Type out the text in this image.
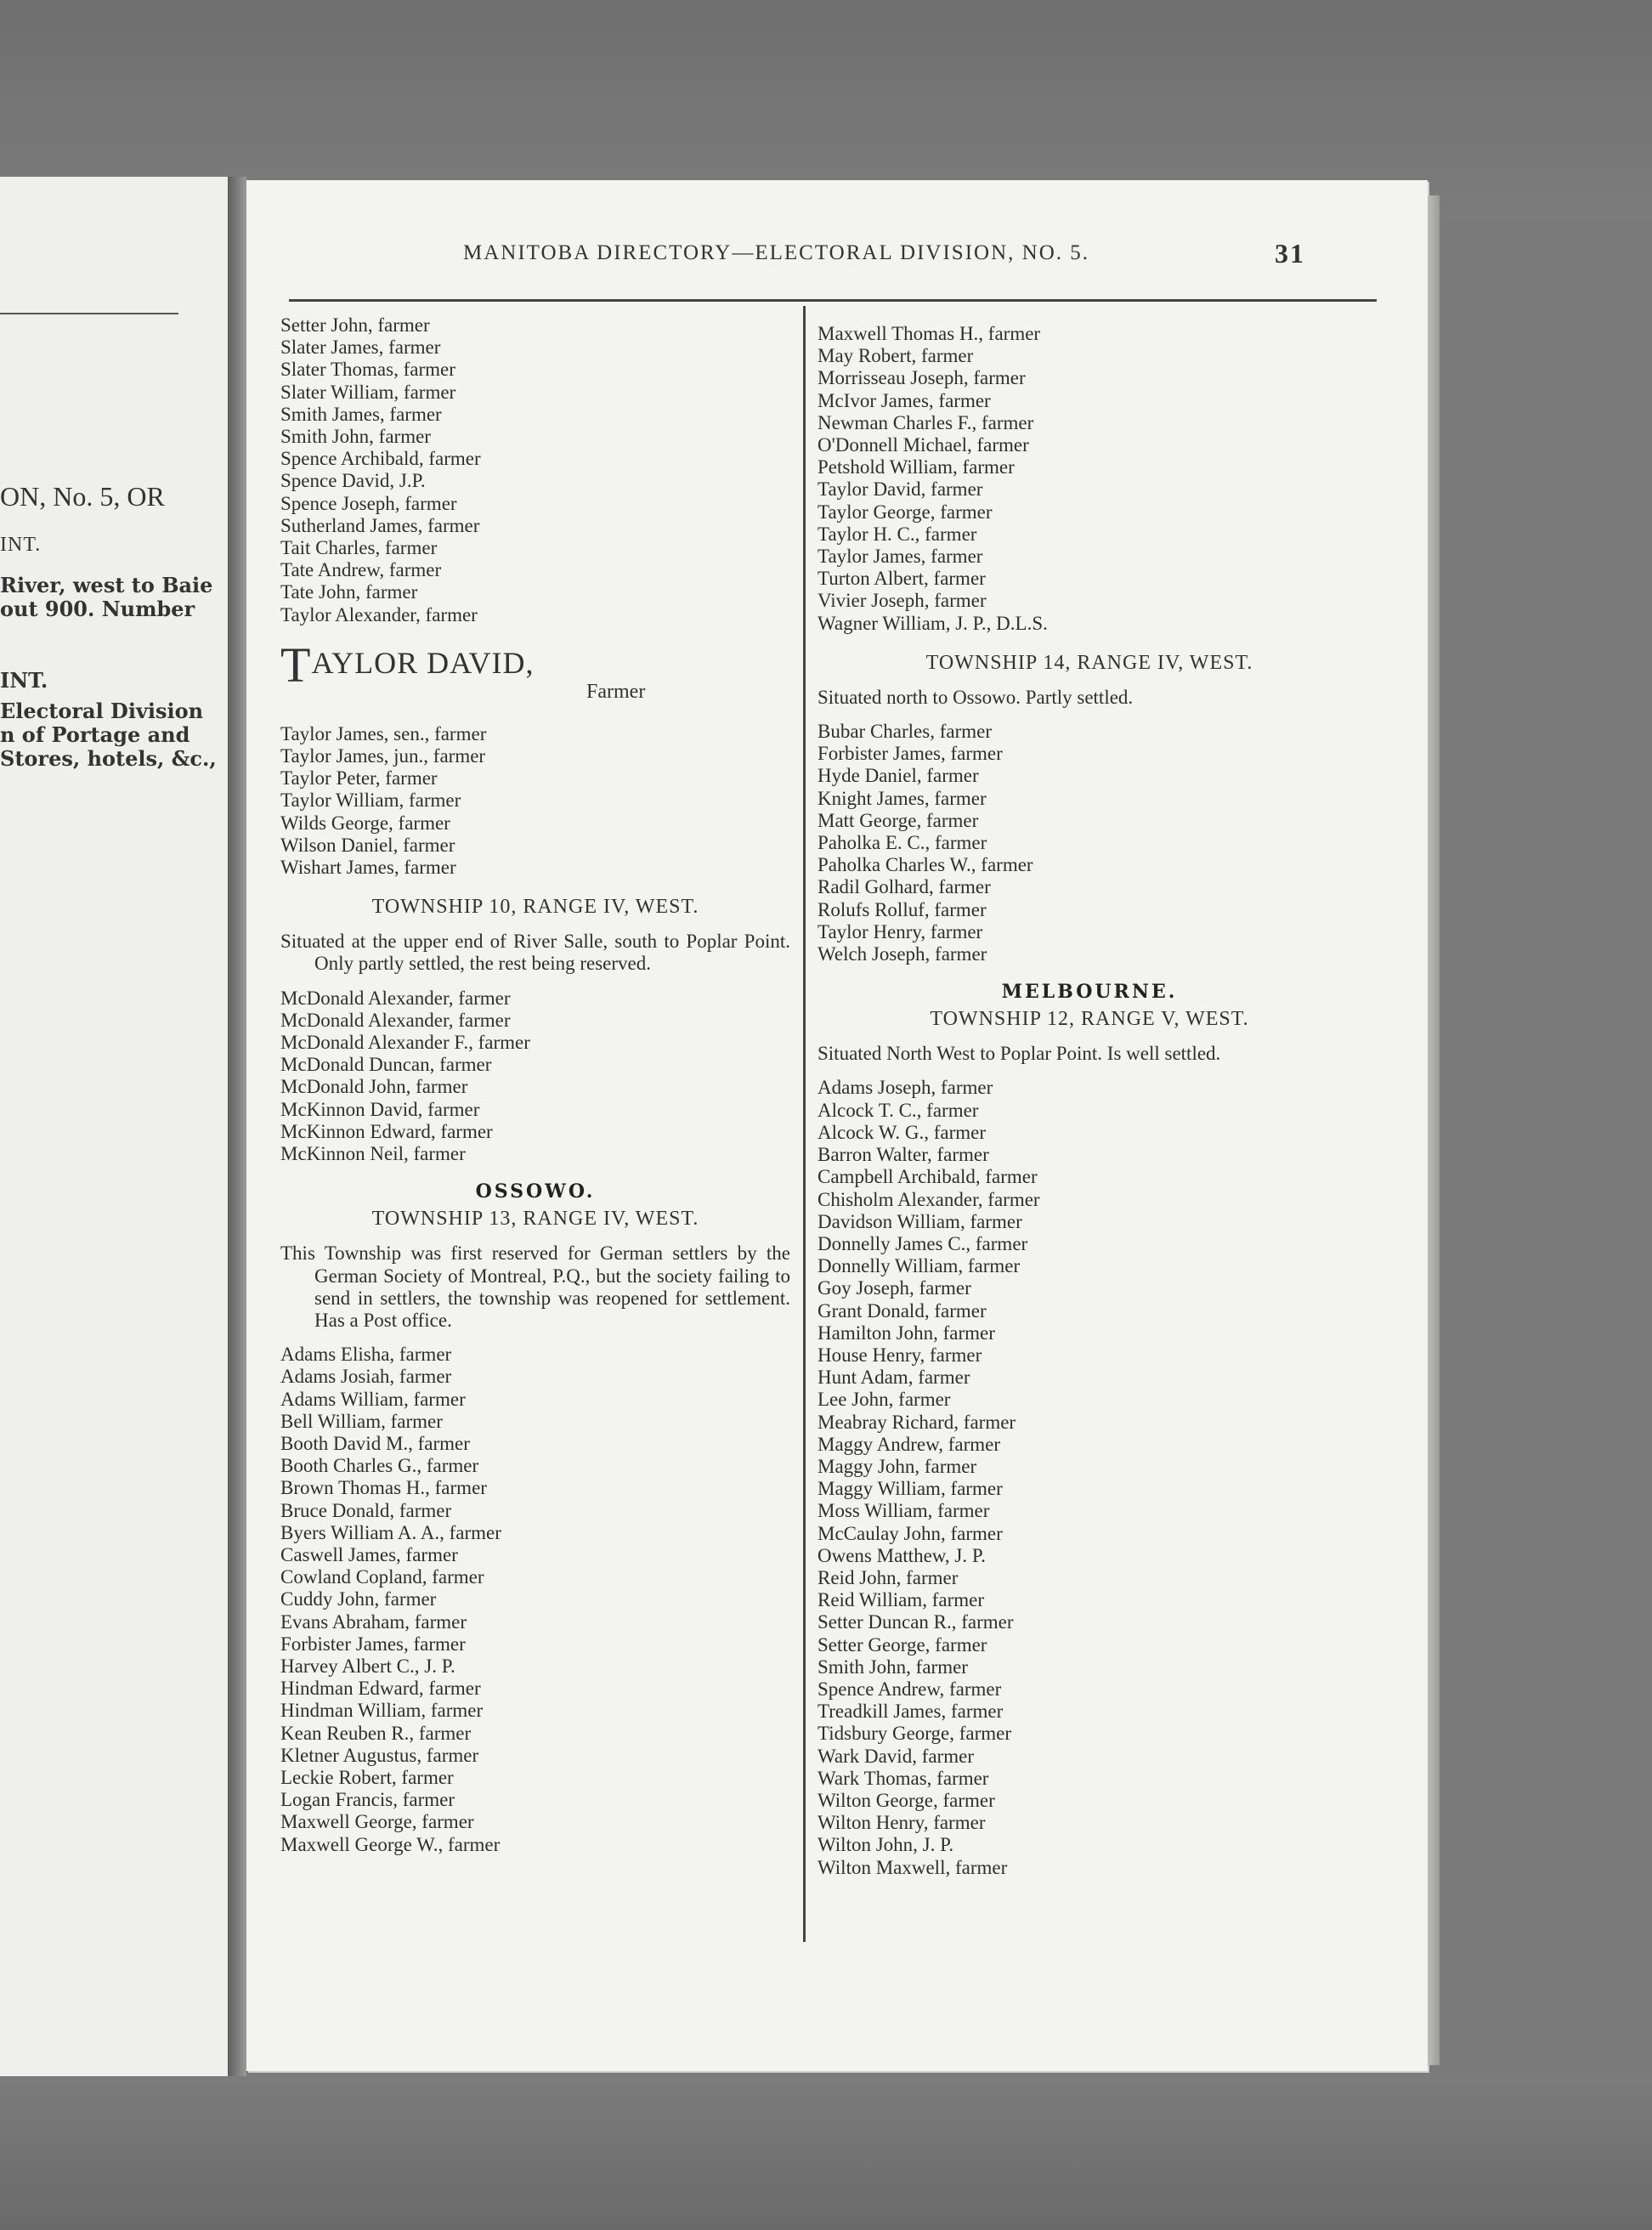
ON, No. 5, OR
INT.
River, west to Baie
out 900. Number
INT.
Electoral Division
n of Portage and
Stores, hotels, &c.,
MANITOBA DIRECTORY—ELECTORAL DIVISION, NO. 5.	31
Setter John, farmer
Slater James, farmer
Slater Thomas, farmer
Slater William, farmer
Smith James, farmer
Smith John, farmer
Spence Archibald, farmer
Spence David, J.P.
Spence Joseph, farmer
Sutherland James, farmer
Tait Charles, farmer
Tate Andrew, farmer
Tate John, farmer
Taylor Alexander, farmer
TAYLOR DAVID,
Farmer
Taylor James, sen., farmer
Taylor James, jun., farmer
Taylor Peter, farmer
Taylor William, farmer
Wilds George, farmer
Wilson Daniel, farmer
Wishart James, farmer
TOWNSHIP 10, RANGE IV, WEST.
Situated at the upper end of River Salle, south to Poplar Point. Only partly settled, the rest being reserved.
McDonald Alexander, farmer
McDonald Alexander, farmer
McDonald Alexander F., farmer
McDonald Duncan, farmer
McDonald John, farmer
McKinnon David, farmer
McKinnon Edward, farmer
McKinnon Neil, farmer
OSSOWO.
TOWNSHIP 13, RANGE IV, WEST.
This Township was first reserved for German settlers by the German Society of Montreal, P.Q., but the society failing to send in settlers, the township was reopened for settlement. Has a Post office.
Adams Elisha, farmer
Adams Josiah, farmer
Adams William, farmer
Bell William, farmer
Booth David M., farmer
Booth Charles G., farmer
Brown Thomas H., farmer
Bruce Donald, farmer
Byers William A. A., farmer
Caswell James, farmer
Cowland Copland, farmer
Cuddy John, farmer
Evans Abraham, farmer
Forbister James, farmer
Harvey Albert C., J. P.
Hindman Edward, farmer
Hindman William, farmer
Kean Reuben R., farmer
Kletner Augustus, farmer
Leckie Robert, farmer
Logan Francis, farmer
Maxwell George, farmer
Maxwell George W., farmer
Maxwell Thomas H., farmer
May Robert, farmer
Morrisseau Joseph, farmer
McIvor James, farmer
Newman Charles F., farmer
O'Donnell Michael, farmer
Petshold William, farmer
Taylor David, farmer
Taylor George, farmer
Taylor H. C., farmer
Taylor James, farmer
Turton Albert, farmer
Vivier Joseph, farmer
Wagner William, J. P., D.L.S.
TOWNSHIP 14, RANGE IV, WEST.
Situated north to Ossowo. Partly settled.
Bubar Charles, farmer
Forbister James, farmer
Hyde Daniel, farmer
Knight James, farmer
Matt George, farmer
Paholka E. C., farmer
Paholka Charles W., farmer
Radil Golhard, farmer
Rolufs Rolluf, farmer
Taylor Henry, farmer
Welch Joseph, farmer
MELBOURNE.
TOWNSHIP 12, RANGE V, WEST.
Situated North West to Poplar Point. Is well settled.
Adams Joseph, farmer
Alcock T. C., farmer
Alcock W. G., farmer
Barron Walter, farmer
Campbell Archibald, farmer
Chisholm Alexander, farmer
Davidson William, farmer
Donnelly James C., farmer
Donnelly William, farmer
Goy Joseph, farmer
Grant Donald, farmer
Hamilton John, farmer
House Henry, farmer
Hunt Adam, farmer
Lee John, farmer
Meabray Richard, farmer
Maggy Andrew, farmer
Maggy John, farmer
Maggy William, farmer
Moss William, farmer
McCaulay John, farmer
Owens Matthew, J. P.
Reid John, farmer
Reid William, farmer
Setter Duncan R., farmer
Setter George, farmer
Smith John, farmer
Spence Andrew, farmer
Treadkill James, farmer
Tidsbury George, farmer
Wark David, farmer
Wark Thomas, farmer
Wilton George, farmer
Wilton Henry, farmer
Wilton John, J. P.
Wilton Maxwell, farmer
